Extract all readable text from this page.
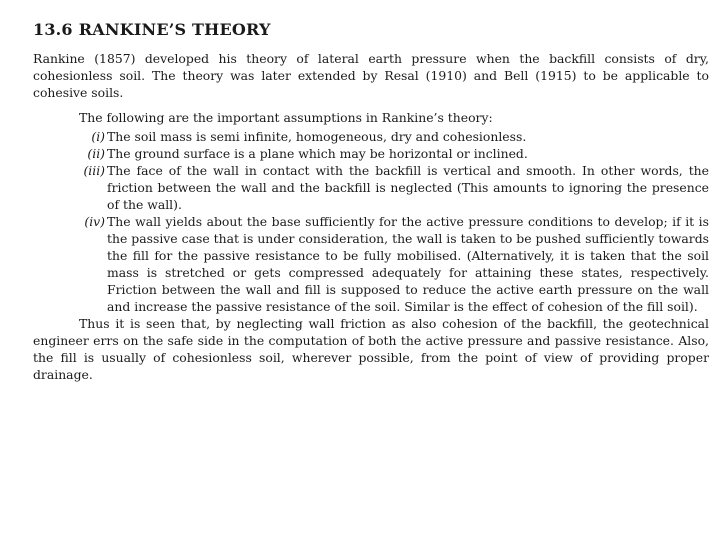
13.6 RANKINE’S THEORY

Rankine (1857) developed his theory of lateral earth pressure when the backfill consists of dry, cohesionless soil. The theory was later extended by Resal (1910) and Bell (1915) to be applicable to cohesive soils.

The following are the important assumptions in Rankine’s theory:

(i) The soil mass is semi infinite, homogeneous, dry and cohesionless.
(ii) The ground surface is a plane which may be horizontal or inclined.
(iii) The face of the wall in contact with the backfill is vertical and smooth. In other words, the friction between the wall and the backfill is neglected (This amounts to ignoring the presence of the wall).
(iv) The wall yields about the base sufficiently for the active pressure conditions to develop; if it is the passive case that is under consideration, the wall is taken to be pushed sufficiently towards the fill for the passive resistance to be fully mobilised. (Alternatively, it is taken that the soil mass is stretched or gets compressed adequately for attaining these states, respectively. Friction between the wall and fill is supposed to reduce the active earth pressure on the wall and increase the passive resistance of the soil. Similar is the effect of cohesion of the fill soil).

Thus it is seen that, by neglecting wall friction as also cohesion of the backfill, the geotechnical engineer errs on the safe side in the computation of both the active pressure and passive resistance. Also, the fill is usually of cohesionless soil, wherever possible, from the point of view of providing proper drainage.
